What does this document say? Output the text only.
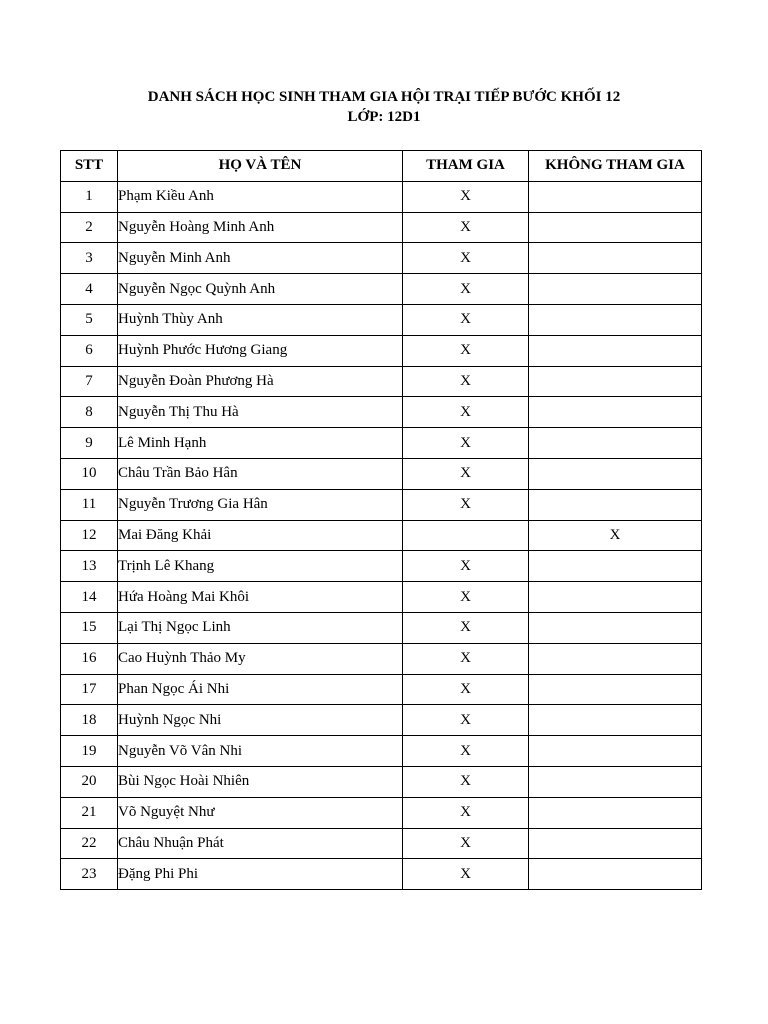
DANH SÁCH HỌC SINH THAM GIA HỘI TRẠI TIẾP BƯỚC KHỐI 12
LỚP: 12D1
STT	HỌ VÀ TÊN	THAM GIA	KHÔNG THAM GIA
1	Phạm Kiều Anh	X	
2	Nguyễn Hoàng Minh Anh	X	
3	Nguyễn Minh Anh	X	
4	Nguyễn Ngọc Quỳnh Anh	X	
5	Huỳnh Thùy Anh	X	
6	Huỳnh Phước Hương Giang	X	
7	Nguyễn Đoàn Phương Hà	X	
8	Nguyễn Thị Thu Hà	X	
9	Lê Minh Hạnh	X	
10	Châu Trần Bảo Hân	X	
11	Nguyễn Trương Gia Hân	X	
12	Mai Đăng Khải		X
13	Trịnh Lê Khang	X	
14	Hứa Hoàng Mai Khôi	X	
15	Lại Thị Ngọc Linh	X	
16	Cao Huỳnh Thảo My	X	
17	Phan Ngọc Ái Nhi	X	
18	Huỳnh Ngọc Nhi	X	
19	Nguyễn Võ Vân Nhi	X	
20	Bùi Ngọc Hoài Nhiên	X	
21	Võ Nguyệt Như	X	
22	Châu Nhuận Phát	X	
23	Đặng Phi Phi	X	
